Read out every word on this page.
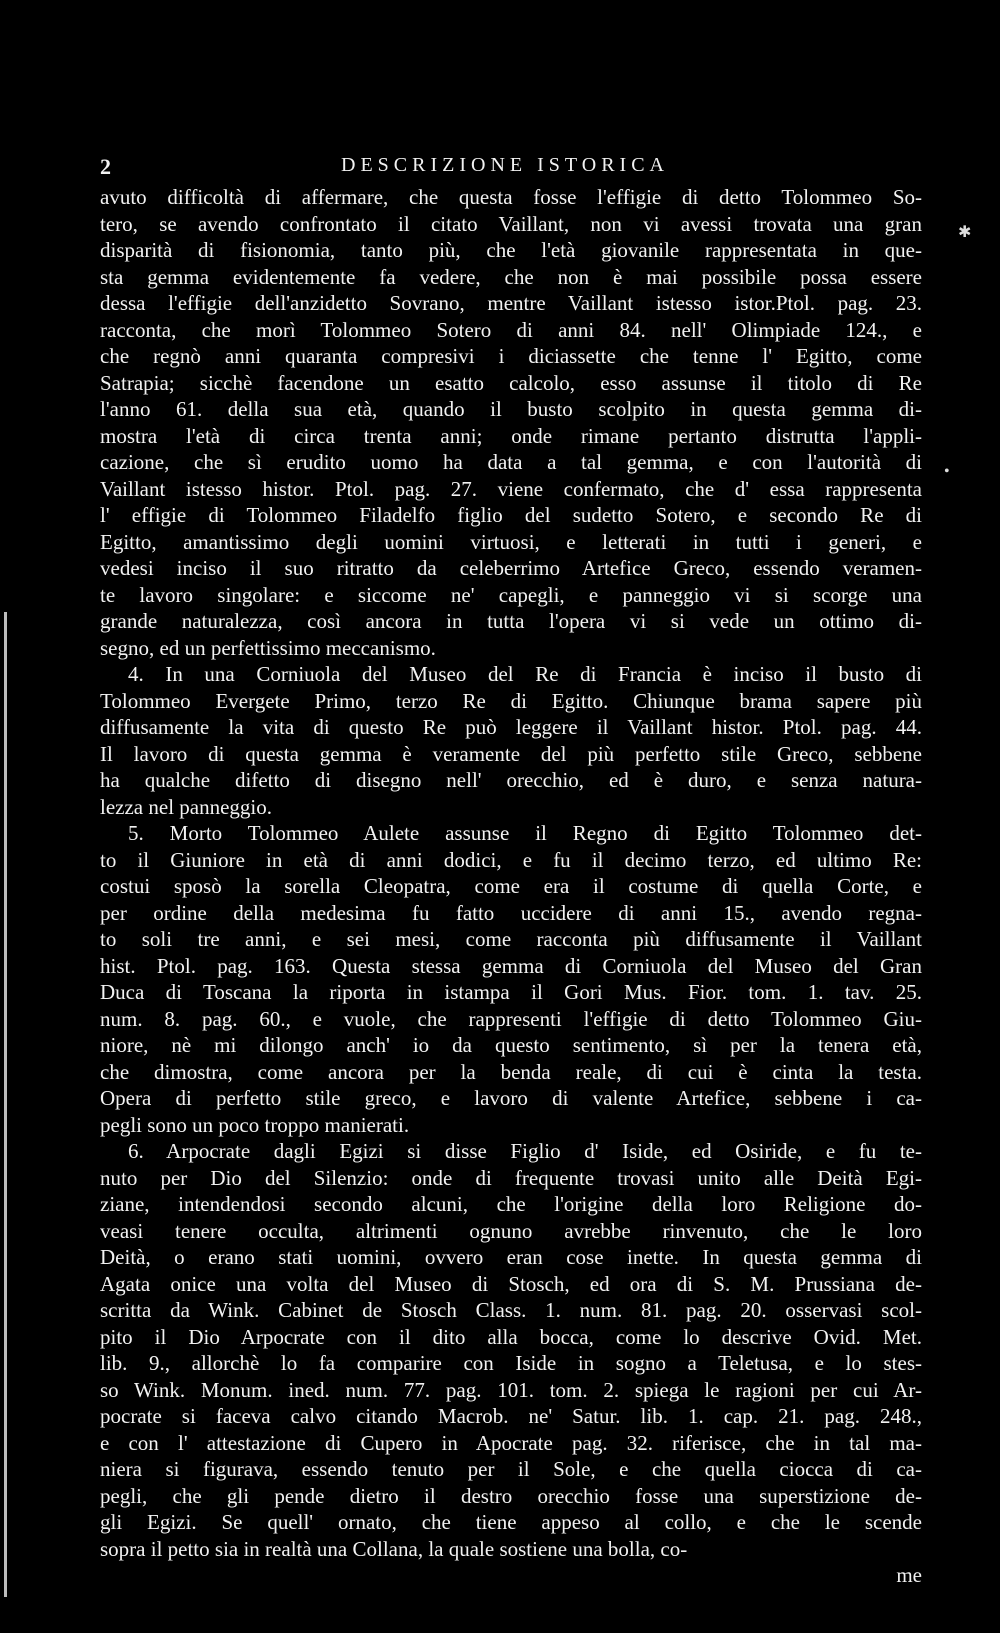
2	DESCRIZIONE ISTORICA
avuto difficoltà di affermare, che questa fosse l'effigie di detto Tolommeo So-
tero, se avendo confrontato il citato Vaillant, non vi avessi trovata una gran
disparità di fisionomia, tanto più, che l'età giovanile rappresentata in que-
sta gemma evidentemente fa vedere, che non è mai possibile possa essere
dessa l'effigie dell'anzidetto Sovrano, mentre Vaillant istesso istor.Ptol. pag. 23.
racconta, che morì Tolommeo Sotero di anni 84. nell' Olimpiade 124., e
che regnò anni quaranta compresivi i diciassette che tenne l' Egitto, come
Satrapia; sicchè facendone un esatto calcolo, esso assunse il titolo di Re
l'anno 61. della sua età, quando il busto scolpito in questa gemma di-
mostra l'età di circa trenta anni; onde rimane pertanto distrutta l'appli-
cazione, che sì erudito uomo ha data a tal gemma, e con l'autorità di
Vaillant istesso histor. Ptol. pag. 27. viene confermato, che d' essa rappresenta
l' effigie di Tolommeo Filadelfo figlio del sudetto Sotero, e secondo Re di
Egitto, amantissimo degli uomini virtuosi, e letterati in tutti i generi, e
vedesi inciso il suo ritratto da celeberrimo Artefice Greco, essendo veramen-
te lavoro singolare: e siccome ne' capegli, e panneggio vi si scorge una
grande naturalezza, così ancora in tutta l'opera vi si vede un ottimo di-
segno, ed un perfettissimo meccanismo.
4. In una Corniuola del Museo del Re di Francia è inciso il busto di
Tolommeo Evergete Primo, terzo Re di Egitto. Chiunque brama sapere più
diffusamente la vita di questo Re può leggere il Vaillant histor. Ptol. pag. 44.
Il lavoro di questa gemma è veramente del più perfetto stile Greco, sebbene
ha qualche difetto di disegno nell' orecchio, ed è duro, e senza natura-
lezza nel panneggio.
5. Morto Tolommeo Aulete assunse il Regno di Egitto Tolommeo det-
to il Giuniore in età di anni dodici, e fu il decimo terzo, ed ultimo Re:
costui sposò la sorella Cleopatra, come era il costume di quella Corte, e
per ordine della medesima fu fatto uccidere di anni 15., avendo regna-
to soli tre anni, e sei mesi, come racconta più diffusamente il Vaillant
hist. Ptol. pag. 163. Questa stessa gemma di Corniuola del Museo del Gran
Duca di Toscana la riporta in istampa il Gori Mus. Fior. tom. 1. tav. 25.
num. 8. pag. 60., e vuole, che rappresenti l'effigie di detto Tolommeo Giu-
niore, nè mi dilongo anch' io da questo sentimento, sì per la tenera età,
che dimostra, come ancora per la benda reale, di cui è cinta la testa.
Opera di perfetto stile greco, e lavoro di valente Artefice, sebbene i ca-
pegli sono un poco troppo manierati.
6. Arpocrate dagli Egizi si disse Figlio d' Iside, ed Osiride, e fu te-
nuto per Dio del Silenzio: onde di frequente trovasi unito alle Deità Egi-
ziane, intendendosi secondo alcuni, che l'origine della loro Religione do-
veasi tenere occulta, altrimenti ognuno avrebbe rinvenuto, che le loro
Deità, o erano stati uomini, ovvero eran cose inette. In questa gemma di
Agata onice una volta del Museo di Stosch, ed ora di S. M. Prussiana de-
scritta da Wink. Cabinet de Stosch Class. 1. num. 81. pag. 20. osservasi scol-
pito il Dio Arpocrate con il dito alla bocca, come lo descrive Ovid. Met.
lib. 9., allorchè lo fa comparire con Iside in sogno a Teletusa, e lo stes-
so Wink. Monum. ined. num. 77. pag. 101. tom. 2. spiega le ragioni per cui Ar-
pocrate si faceva calvo citando Macrob. ne' Satur. lib. 1. cap. 21. pag. 248.,
e con l' attestazione di Cupero in Apocrate pag. 32. riferisce, che in tal ma-
niera si figurava, essendo tenuto per il Sole, e che quella ciocca di ca-
pegli, che gli pende dietro il destro orecchio fosse una superstizione de-
gli Egizi. Se quell' ornato, che tiene appeso al collo, e che le scende
sopra il petto sia in realtà una Collana, la quale sostiene una bolla, co-
me
✱
•
